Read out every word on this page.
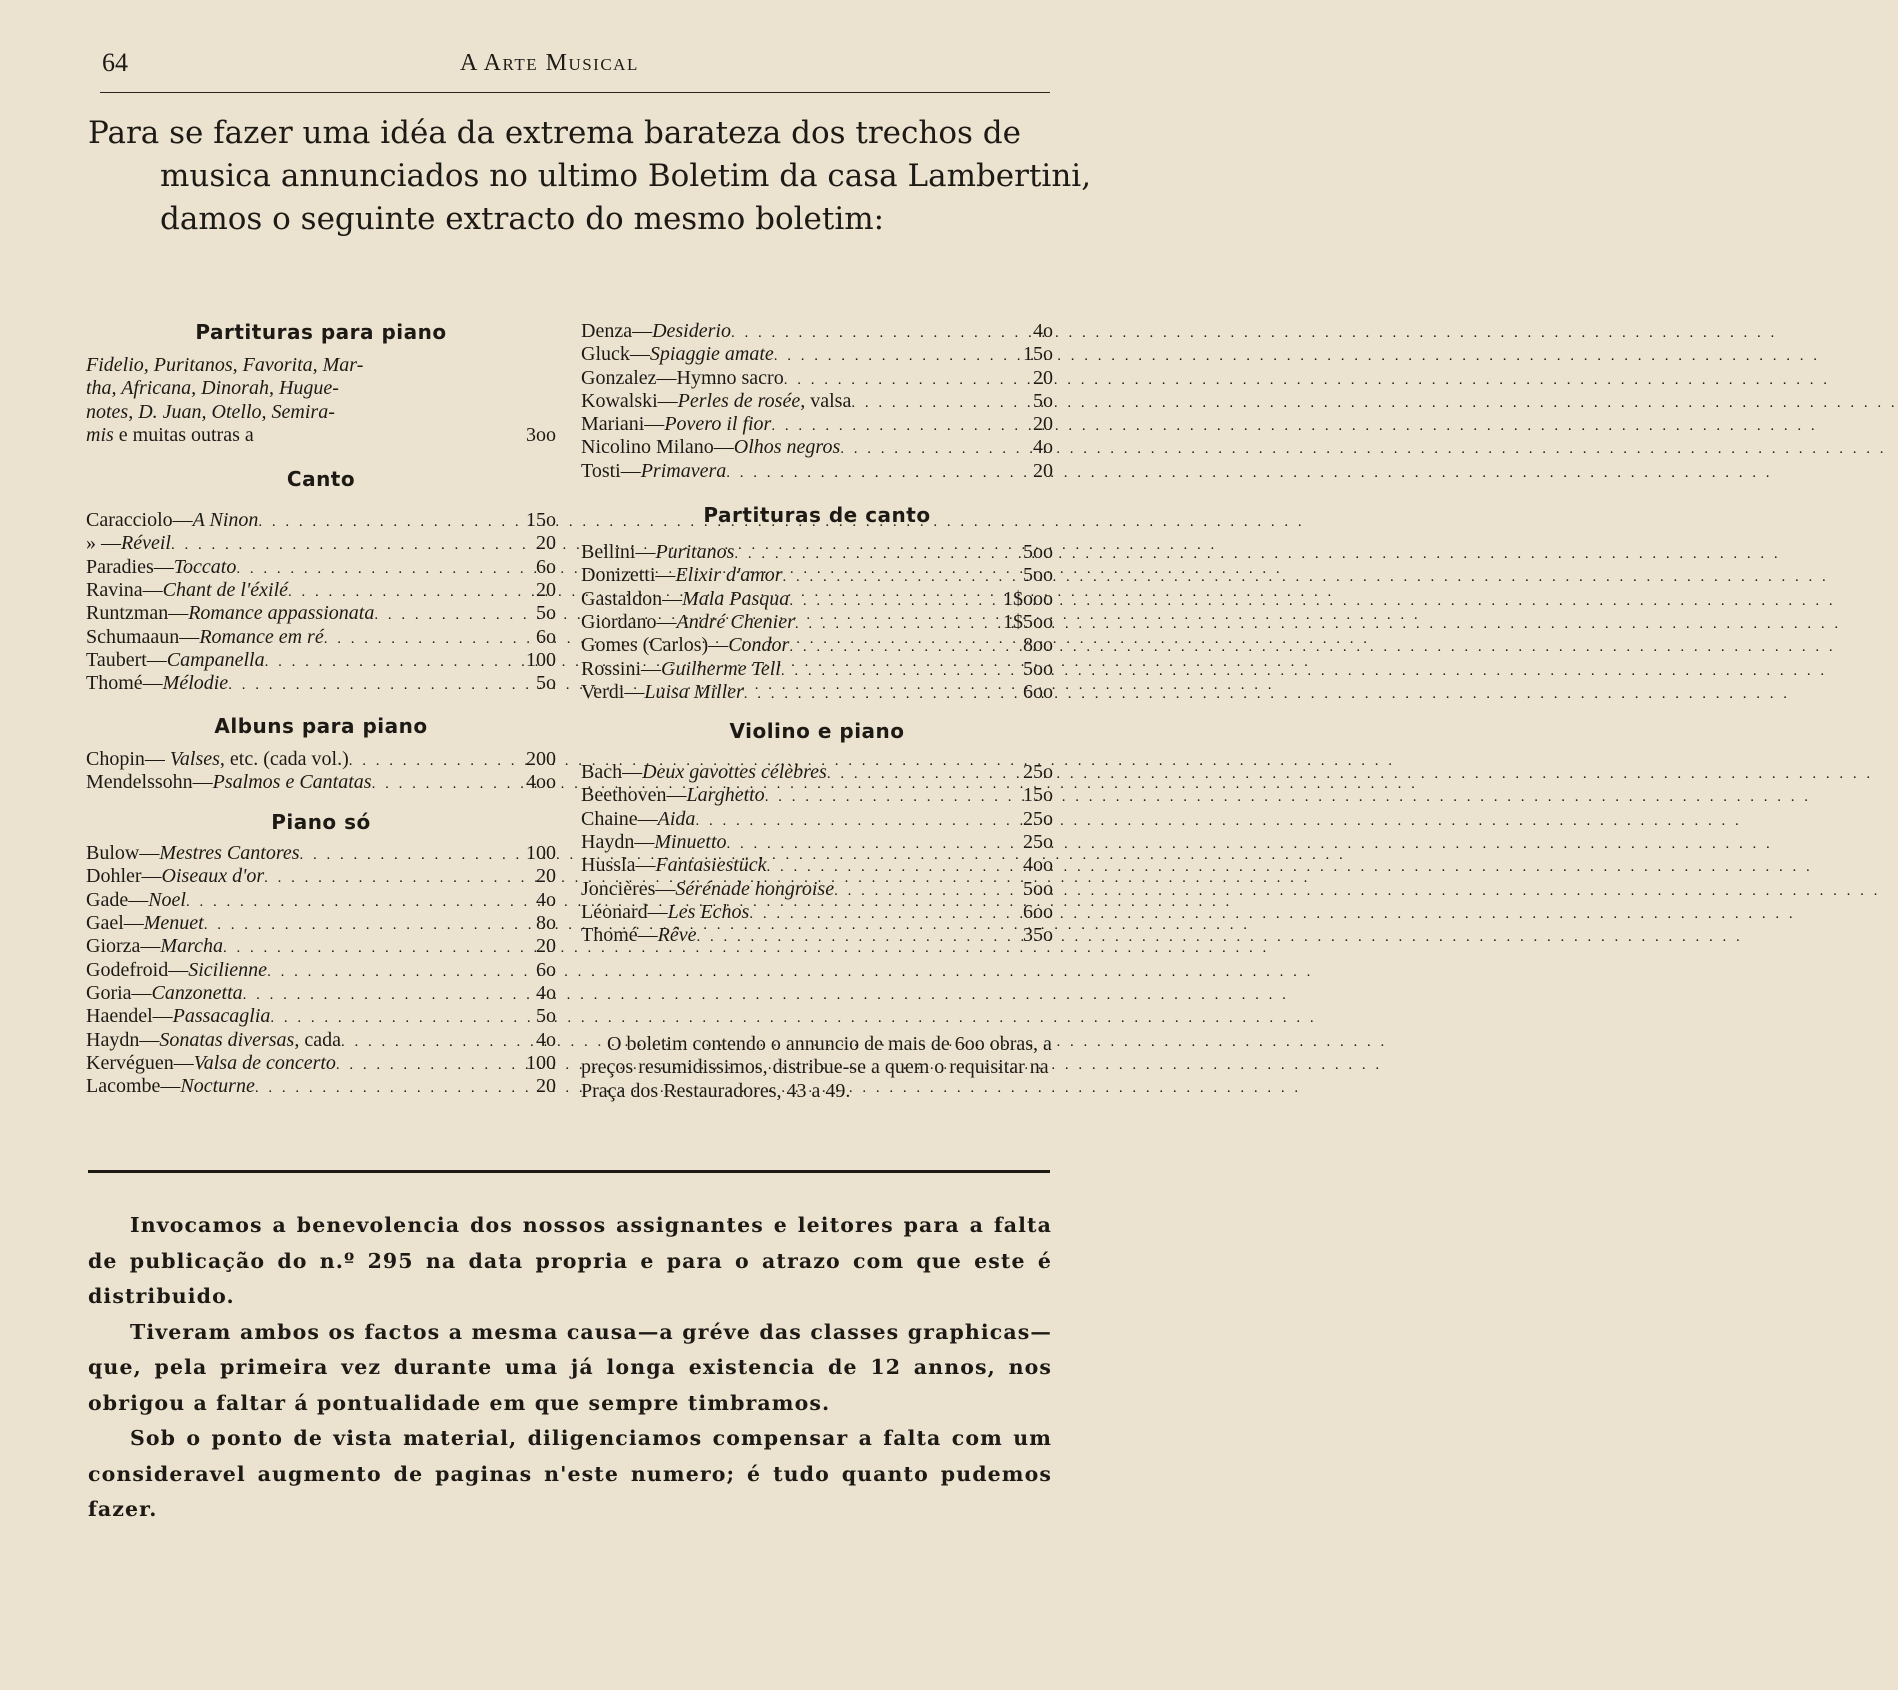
64	A Arte Musical

Para se fazer uma idéa da extrema barateza dos trechos de musica annunciados no ultimo Boletim da casa Lambertini, damos o seguinte extracto do mesmo boletim:

Partituras para piano
Fidelio, Puritanos, Favorita, Mar-
tha, Africana, Dinorah, Hugue-
notes, D. Juan, Otello, Semira-
mis e muitas outras a	3oo
Canto
Caracciolo—A Ninon . . .	15o
» —Réveil . . .	20
Paradies—Toccato . . .	6o
Ravina—Chant de l'éxilé . . .	20
Runtzman—Romance appassionata . . .	5o
Schumaaun—Romance em ré . . .	6o
Taubert—Campanella . . .	100
Thomé—Mélodie . . .	5o
Albuns para piano
Chopin— Valses, etc. (cada vol.) . . .	200
Mendelssohn—Psalmos e Cantatas . . .	4oo
Piano só
Bulow—Mestres Cantores . . .	100
Dohler—Oiseaux d'or . . .	20
Gade—Noel . . .	4o
Gael—Menuet . . .	8o
Giorza—Marcha . . .	20
Godefroid—Sicilienne . . .	6o
Goria—Canzonetta . . .	4o
Haendel—Passacaglia . . .	5o
Haydn—Sonatas diversas, cada . . .	4o
Kervéguen—Valsa de concerto . . .	100
Lacombe—Nocturne . . .	20
Denza—Desiderio . . .	4o
Gluck—Spiaggie amate . . .	15o
Gonzalez—Hymno sacro . . .	20
Kowalski—Perles de rosée, valsa . . .	5o
Mariani—Povero il fior . . .	20
Nicolino Milano—Olhos negros . . .	4o
Tosti—Primavera . . .	20
Partituras de canto
Bellini—Puritanos . . .	5oo
Donizetti—Elixir d'amor . . .	5oo
Gastaldon—Mala Pasqua . . .	1$ooo
Giordano—André Chenier . . .	1$5oo
Gomes (Carlos)—Condor . . .	8oo
Rossini—Guilherme Tell . . .	5oo
Verdi—Luisa Miller . . .	6oo
Violino e piano
Bach—Deux gavottes célèbres . . .	25o
Beethoven—Larghetto . . .	15o
Chaine—Aida . . .	25o
Haydn—Minuetto . . .	25o
Hussla—Fantasiestück . . .	4oo
Joncières—Sérénade hongroise . . .	5oo
Léonard—Les Echos . . .	6oo
Thomé—Rêve . . .	35o

O boletim contendo o annuncio de mais de 6oo obras, a preços resumidissimos, distribue-se a quem o requisitar na Praça dos Restauradores, 43 a 49.

Invocamos a benevolencia dos nossos assignantes e leitores para a falta de publicação do n.º 295 na data propria e para o atrazo com que este é distribuido.

Tiveram ambos os factos a mesma causa—a gréve das classes graphicas—que, pela primeira vez durante uma já longa existencia de 12 annos, nos obrigou a faltar á pontualidade em que sempre timbramos.

Sob o ponto de vista material, diligenciamos compensar a falta com um consideravel augmento de paginas n'este numero; é tudo quanto pudemos fazer.
